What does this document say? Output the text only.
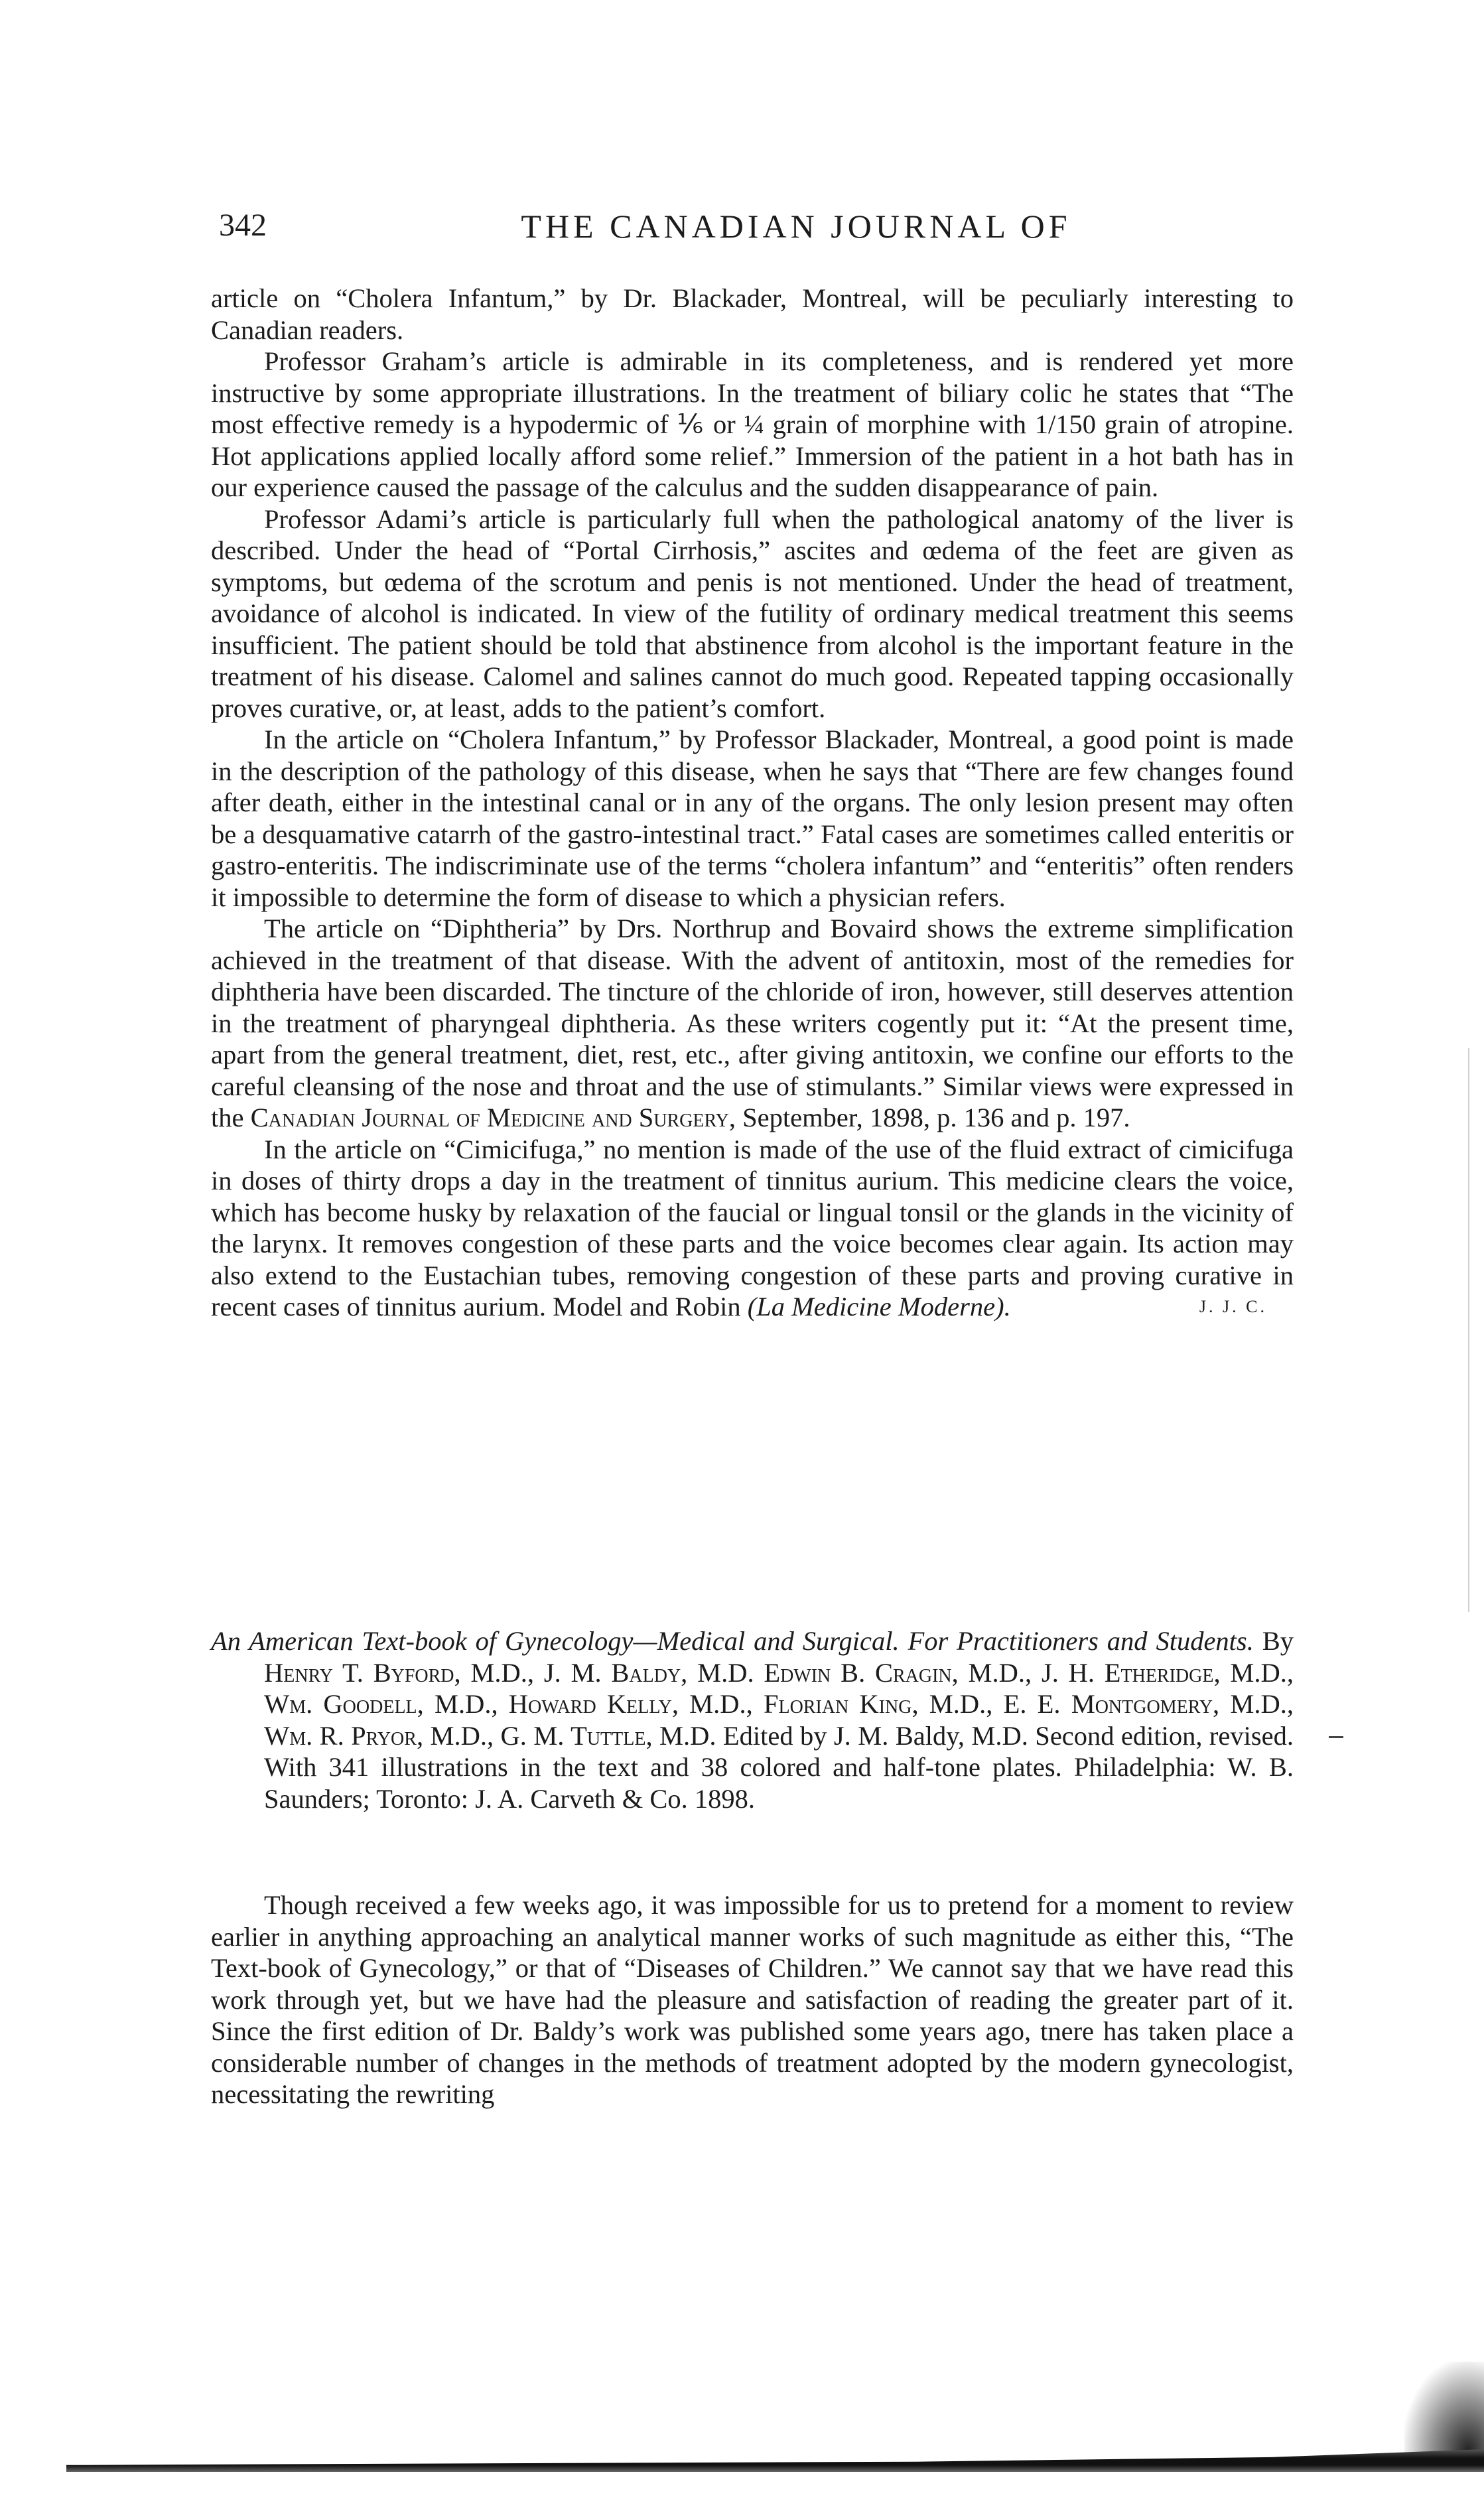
342	THE CANADIAN JOURNAL OF

article on “Cholera Infantum,” by Dr. Blackader, Montreal, will be peculiarly interesting to Canadian readers.

Professor Graham’s article is admirable in its completeness, and is rendered yet more instructive by some appropriate illustrations. In the treatment of biliary colic he states that “The most effective remedy is a hypodermic of ⅙ or ¼ grain of morphine with 1/150 grain of atropine. Hot applications applied locally afford some relief.” Immersion of the patient in a hot bath has in our experience caused the passage of the calculus and the sudden disappearance of pain.

Professor Adami’s article is particularly full when the pathological anatomy of the liver is described. Under the head of “Portal Cirrhosis,” ascites and œdema of the feet are given as symptoms, but œdema of the scrotum and penis is not mentioned. Under the head of treatment, avoidance of alcohol is indicated. In view of the futility of ordinary medical treatment this seems insufficient. The patient should be told that abstinence from alcohol is the important feature in the treatment of his disease. Calomel and salines cannot do much good. Repeated tapping occasionally proves curative, or, at least, adds to the patient’s comfort.

In the article on “Cholera Infantum,” by Professor Blackader, Montreal, a good point is made in the description of the pathology of this disease, when he says that “There are few changes found after death, either in the intestinal canal or in any of the organs. The only lesion present may often be a desquamative catarrh of the gastro-intestinal tract.” Fatal cases are sometimes called enteritis or gastro-enteritis. The indiscriminate use of the terms “cholera infantum” and “enteritis” often renders it impossible to determine the form of disease to which a physician refers.

The article on “Diphtheria” by Drs. Northrup and Bovaird shows the extreme simplification achieved in the treatment of that disease. With the advent of antitoxin, most of the remedies for diphtheria have been discarded. The tincture of the chloride of iron, however, still deserves attention in the treatment of pharyngeal diphtheria. As these writers cogently put it: “At the present time, apart from the general treatment, diet, rest, etc., after giving antitoxin, we confine our efforts to the careful cleansing of the nose and throat and the use of stimulants.” Similar views were expressed in the Canadian Journal of Medicine and Surgery, September, 1898, p. 136 and p. 197.

In the article on “Cimicifuga,” no mention is made of the use of the fluid extract of cimicifuga in doses of thirty drops a day in the treatment of tinnitus aurium. This medicine clears the voice, which has become husky by relaxation of the faucial or lingual tonsil or the glands in the vicinity of the larynx. It removes congestion of these parts and the voice becomes clear again. Its action may also extend to the Eustachian tubes, removing congestion of these parts and proving curative in recent cases of tinnitus aurium. Model and Robin (La Medicine Moderne).	J. J. C.

An American Text-book of Gynecology—Medical and Surgical. For Practitioners and Students. By Henry T. Byford, M.D., J. M. Baldy, M.D. Edwin B. Cragin, M.D., J. H. Etheridge, M.D., Wm. Goodell, M.D., Howard Kelly, M.D., Florian King, M.D., E. E. Montgomery, M.D., Wm. R. Pryor, M.D., G. M. Tuttle, M.D. Edited by J. M. Baldy, M.D. Second edition, revised. With 341 illustrations in the text and 38 colored and half-tone plates. Philadelphia: W. B. Saunders; Toronto: J. A. Carveth & Co. 1898.

Though received a few weeks ago, it was impossible for us to pretend for a moment to review earlier in anything approaching an analytical manner works of such magnitude as either this, “The Text-book of Gynecology,” or that of “Diseases of Children.” We cannot say that we have read this work through yet, but we have had the pleasure and satisfaction of reading the greater part of it. Since the first edition of Dr. Baldy’s work was published some years ago, tnere has taken place a considerable number of changes in the methods of treatment adopted by the modern gynecologist, necessitating the rewriting
